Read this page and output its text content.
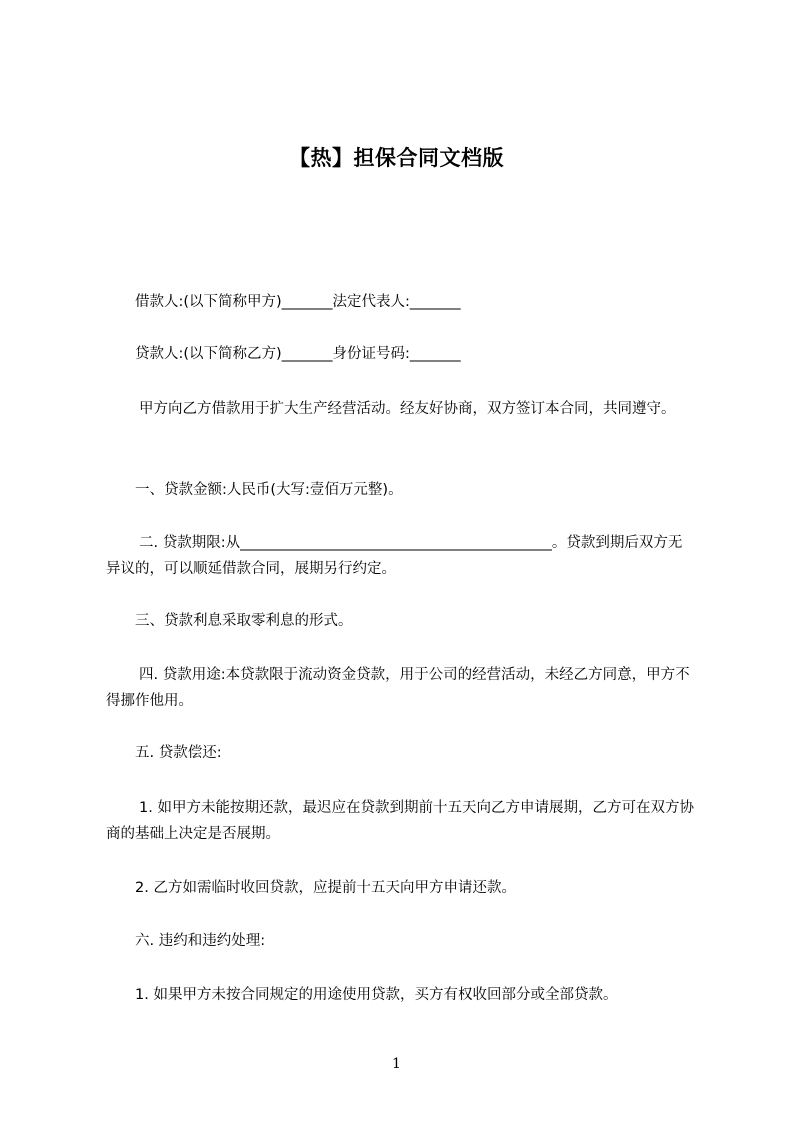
【热】担保合同文档版
借款人:(以下简称甲方)_______法定代表人:_______
贷款人:(以下简称乙方)_______身份证号码:_______
甲方向乙方借款用于扩大生产经营活动。经友好协商，双方签订本合同，共同遵守。
一、贷款金额:人民币(大写:壹佰万元整)。
二. 贷款期限:从___________________________________________。贷款到期后双方无异议的，可以顺延借款合同，展期另行约定。
三、贷款利息采取零利息的形式。
四. 贷款用途:本贷款限于流动资金贷款，用于公司的经营活动，未经乙方同意，甲方不得挪作他用。
五. 贷款偿还:
1. 如甲方未能按期还款，最迟应在贷款到期前十五天向乙方申请展期，乙方可在双方协商的基础上决定是否展期。
2. 乙方如需临时收回贷款，应提前十五天向甲方申请还款。
六. 违约和违约处理:
1. 如果甲方未按合同规定的用途使用贷款，买方有权收回部分或全部贷款。
1
